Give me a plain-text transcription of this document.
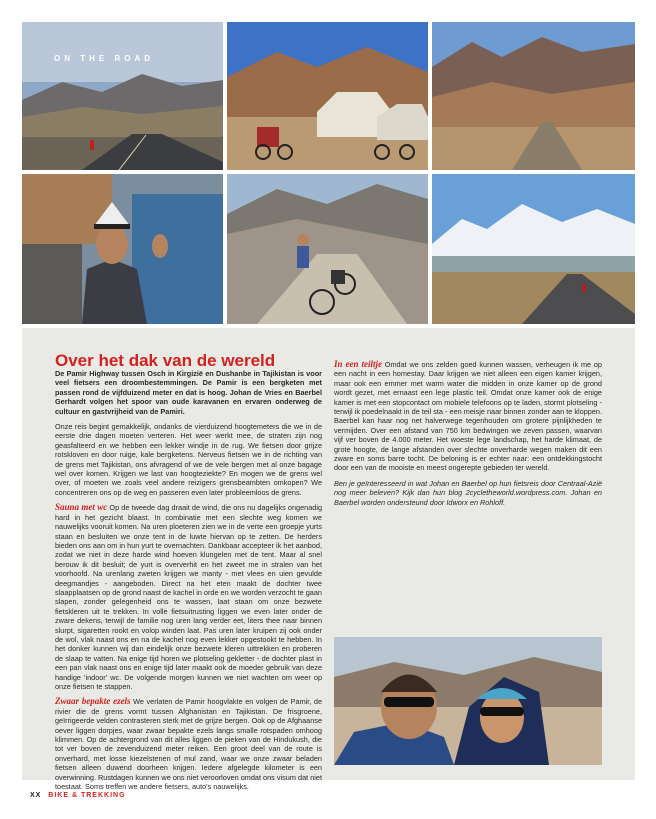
ON THE ROAD
Over het dak van de wereld

De Pamir Highway tussen Osch in Kirgizië en Dushanbe in Tajikistan is voor veel fietsers een droombestemmingen. De Pamir is een bergketen met passen rond de vijfduizend meter en dat is hoog. Johan de Vries en Baerbel Gerhardt volgen het spoor van oude karavanen en ervaren onderweg de cultuur en gastvrijheid van de Pamiri.

Onze reis begint gemakkelijk, ondanks de vierduizend hoogtemeters die we in de eerste drie dagen moeten verteren. Het weer werkt mee, de straten zijn nog geasfalteerd en we hebben een lekker windje in de rug. We fietsen door grijze rotskloven en door ruige, kale bergketens. Nerveus fietsen we in de richting van de grens met Tajikistan, ons afvragend of we de vele bergen met al onze bagage wel over komen. Krijgen we last van hoogteziekte? En mogen we de grens wel over, of moeten we zoals veel andere reizigers grensbeambten omkopen? We concentreren ons op de weg en passeren even later probleemloos de grens.

Sauna met wc Op de tweede dag draait de wind, die ons nu dagelijks ongenadig hard in het gezicht blaast. In combinatie met een slechte weg komen we nauwelijks vooruit komen. Na uren ploeteren zien we in de verte een groepje yurts staan en besluiten we onze tent in de luwte hiervan op te zetten. De herders bieden ons aan om in hun yurt te overnachten. Dankbaar accepteer ik het aanbod, zodat we niet in deze harde wind hoeven klungelen met de tent. Maar al snel berouw ik dit besluit; de yurt is oververhit en het zweet me in stralen van het voorhoofd. Na urenlang zweten krijgen we manty - met vlees en uien gevulde deegmandjes - aangeboden. Direct na het eten maakt de dochter twee slaapplaatsen op de grond naast de kachel in orde en we worden verzocht te gaan slapen, zonder gelegenheid ons te wassen, laat staan om onze bezwete fietskleren uit te trekken. In volle fietsuitrusting liggen we even later onder de zware dekens, terwijl de familie nog uren lang verder eet, liters thee naar binnen slurpt, sigaretten rookt en volop winden laat. Pas uren later kruipen zij ook onder de wol, vlak naast ons en na de kachel nog even lekker opgestookt te hebben. In het donker kunnen wij dan eindelijk onze bezwete kleren uittrekken en proberen de slaap te vatten. Na enige tijd horen we plotseling gekletter - de dochter plast in een pan vlak naast ons en enige tijd later maakt ook de moeder gebruik van deze handige 'indoor' wc. De volgende morgen kunnen we niet wachten om weer op onze fietsen te stappen.

Zwaar bepakte ezels We verlaten de Pamir hoogvlakte en volgen de Pamir, de rivier die de grens vormt tussen Afghanistan en Tajikistan. De frisgroene, geïrrigeerde velden contrasteren sterk met de grijze bergen. Ook op de Afghaanse oever liggen dorpjes, waar zwaar bepakte ezels langs smalle rotspaden omhoog klimmen. Op de achtergrond van dit alles liggen de pieken van de Hindukush, die tot ver boven de zevenduizend meter reiken. Een groot deel van de route is onverhard, met losse kiezelstenen of mul zand, waar we onze zwaar beladen fietsen alleen duwend doorheen krijgen. Iedere afgelegde kilometer is een overwinning. Rustdagen kunnen we ons niet veroorloven omdat ons visum dat niet toestaat. Soms treffen we andere fietsers, auto's nauwelijks.

In een teiltje Omdat we ons zelden goed kunnen wassen, verheugen ik me op een nacht in een homestay. Daar krijgen we niet alleen een eigen kamer krijgen, maar ook een emmer met warm water die midden in onze kamer op de grond wordt gezet, met ernaast een lege plastic teil. Omdat onze kamer ook de enige kamer is met een stopcontact om mobiele telefoons op te laden, stormt plotseling - terwijl ik poedelnaakt in de teil sta - een meisje naar binnen zonder aan te kloppen. Baerbel kan haar nog net halverwege tegenhouden om grotere pijnlijkheden te vermijden. Over een afstand van 750 km bedwingen we zeven passen, waarvan vijf ver boven de 4.000 meter. Het woeste lege landschap, het harde klimaat, de grote hoogte, de lange afstanden over slechte onverharde wegen maken dit een zware en soms barre tocht. De beloning is er echter naar: een ontdekkingstocht door een van de mooiste en meest ongerepte gebieden ter wereld.

Ben je geïnteresseerd in wat Johan en Baerbel op hun fietsreis door Centraal-Azië nog meer beleven? Kijk dan hun blog 2cycletheworld.wordpress.com. Johan en Baerbel worden ondersteund door Idworx en Rohloff.

XX BIKE & TREKKING
